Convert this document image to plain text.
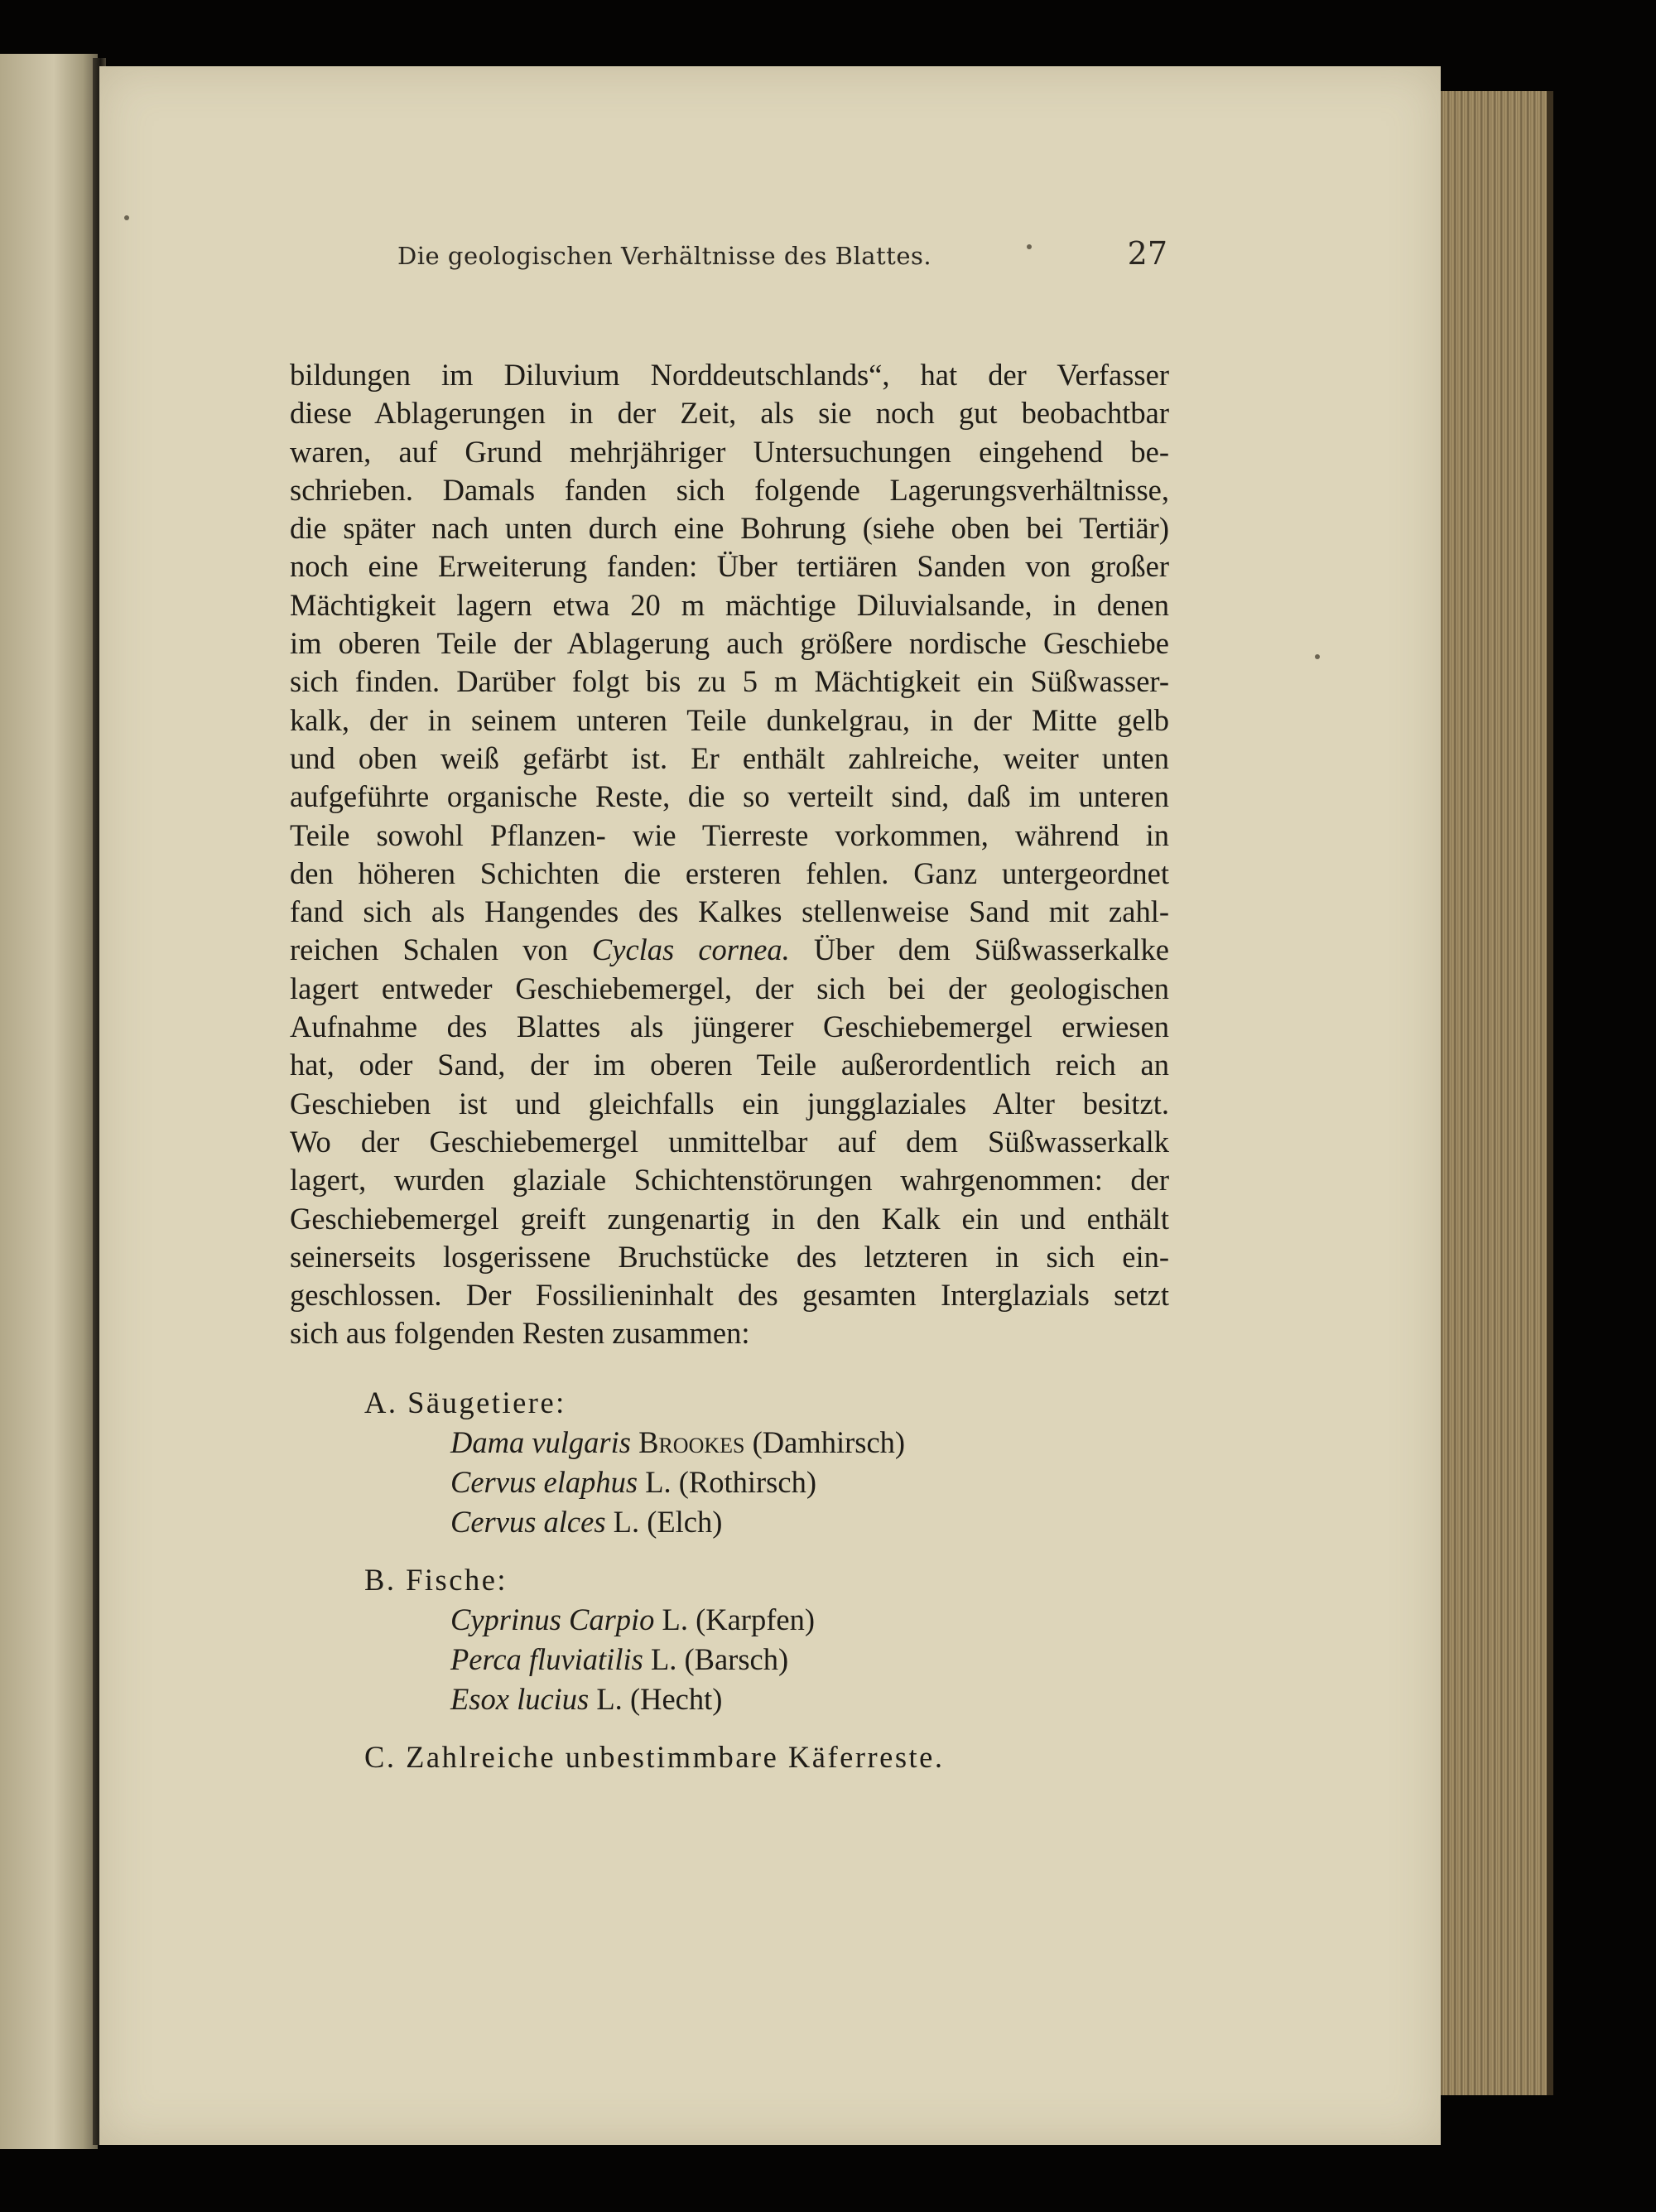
Die geologischen Verhältnisse des Blattes.	27
bildungen im Diluvium Norddeutschlands“, hat der Verfasser
diese Ablagerungen in der Zeit, als sie noch gut beobachtbar
waren, auf Grund mehrjähriger Untersuchungen eingehend be-
schrieben. Damals fanden sich folgende Lagerungsverhältnisse,
die später nach unten durch eine Bohrung (siehe oben bei Tertiär)
noch eine Erweiterung fanden: Über tertiären Sanden von großer
Mächtigkeit lagern etwa 20 m mächtige Diluvialsande, in denen
im oberen Teile der Ablagerung auch größere nordische Geschiebe
sich finden. Darüber folgt bis zu 5 m Mächtigkeit ein Süßwasser-
kalk, der in seinem unteren Teile dunkelgrau, in der Mitte gelb
und oben weiß gefärbt ist. Er enthält zahlreiche, weiter unten
aufgeführte organische Reste, die so verteilt sind, daß im unteren
Teile sowohl Pflanzen- wie Tierreste vorkommen, während in
den höheren Schichten die ersteren fehlen. Ganz untergeordnet
fand sich als Hangendes des Kalkes stellenweise Sand mit zahl-
reichen Schalen von Cyclas cornea. Über dem Süßwasserkalke
lagert entweder Geschiebemergel, der sich bei der geologischen
Aufnahme des Blattes als jüngerer Geschiebemergel erwiesen
hat, oder Sand, der im oberen Teile außerordentlich reich an
Geschieben ist und gleichfalls ein jungglaziales Alter besitzt.
Wo der Geschiebemergel unmittelbar auf dem Süßwasserkalk
lagert, wurden glaziale Schichtenstörungen wahrgenommen: der
Geschiebemergel greift zungenartig in den Kalk ein und enthält
seinerseits losgerissene Bruchstücke des letzteren in sich ein-
geschlossen. Der Fossilieninhalt des gesamten Interglazials setzt
sich aus folgenden Resten zusammen:
A. Säugetiere:
Dama vulgaris Brookes (Damhirsch)
Cervus elaphus L. (Rothirsch)
Cervus alces L. (Elch)
B. Fische:
Cyprinus Carpio L. (Karpfen)
Perca fluviatilis L. (Barsch)
Esox lucius L. (Hecht)
C. Zahlreiche unbestimmbare Käferreste.
